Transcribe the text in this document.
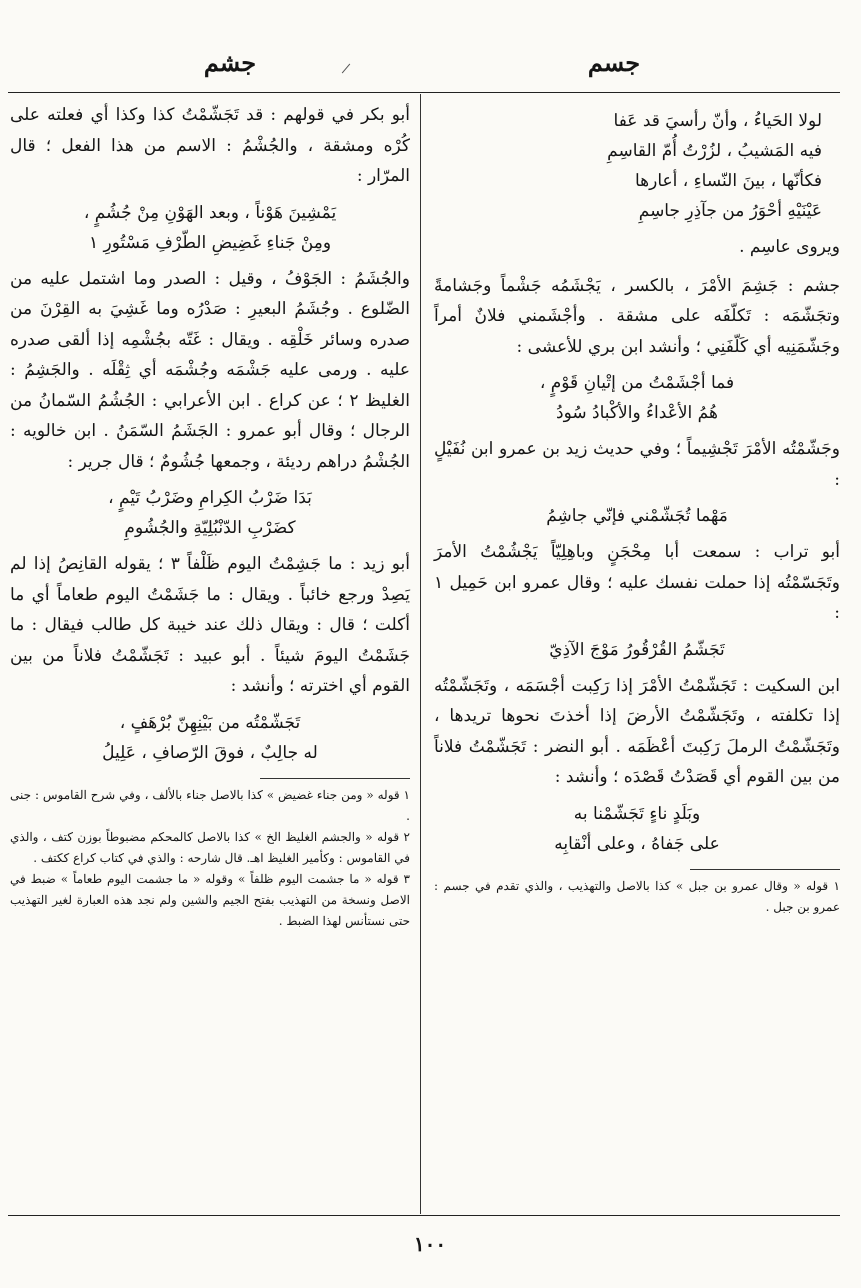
جسم
جشم
لولا الحَياءُ ، وأنّ رأسيَ قد عَفا
فيه المَشيبُ ، لزُرْتُ أُمّ القاسِمِ
فكأنّها ، بينَ النّساءِ ، أعارها
عَيْنَيْهِ أحْوَرُ من جآذِرِ جاسِمِ

ويروى عاسِم .

جشم : جَشِمَ الأمْرَ ، بالكسر ، يَجْشَمُه جَشْماً وجَشامةً وتجَشّمَه : تَكلّفَه على مشقة . وأجْشَمني فلانٌ أمراً وجَشّمَنِيه أي كَلّفَنِي ؛ وأنشد ابن بري للأعشى :

فما أجْشَمْتُ من إتْيانِ قَوْمٍ ،
هُمُ الأعْداءُ والأكْبادُ سُودُ

وجَشّمْتُه الأمْرَ تَجْشِيماً ؛ وفي حديث زيد بن عمرو ابن نُفَيْلٍ :

مَهْما تُجَشّمْني فإنّي جاشِمُ

أبو تراب : سمعت أبا مِحْجَنٍ وباهِلِيّاً يَجْشُمْتُ الأمرَ وتَجَسّمْتُه إذا حملت نفسك عليه ؛ وقال عمرو ابن حَمِيل ١ :

تَجَشّمُ القُرْقُورُ مَوْجَ الآذِيّ

ابن السكيت : تَجَشّمْتُ الأمْرَ إذا رَكِبت أجْسَمَه ، وتَجَشّمْتُه إذا تكلفته ، وتَجَشّمْتُ الأرضَ إذا أخذتَ نحوها تريدها ، وتَجَشّمْتُ الرملَ رَكِبتَ أعْظَمَه . أبو النضر : تَجَشّمْتُ فلاناً من بين القوم أي قَصَدْتُ قَصْدَه ؛ وأنشد :

وبَلَدٍ ناءٍ تَجَشّمْنا به
على جَفاهُ ، وعلى أنْقابِه

١ قوله « وقال عمرو بن جبل » كذا بالاصل والتهذيب ، والذي تقدم في جسم : عمرو بن جبل .

أبو بكر في قولهم : قد تَجَشّمْتُ كذا وكذا أي فعلته على كُرْه ومشقة ، والجُشْمُ : الاسم من هذا الفعل ؛ قال المرّار :

يَمْشِينَ هَوْناً ، وبعد الهَوْنِ مِنْ جُشُمٍ ،
ومِنْ جَناءِ غَضِيضِ الطّرْفِ مَسْتُورِ ١

والجُشَمُ : الجَوْفُ ، وقيل : الصدر وما اشتمل عليه من الضّلوع . وجُشَمُ البعيرِ : صَدْرُه وما غَشِيَ به القِرْنَ من صدره وسائر خَلْقِه . ويقال : غَتّه بجُشْمِه إذا ألقى صدره عليه . ورمى عليه جَشْمَه وجُشْمَه أي ثِقْلَه . والجَشِمُ : الغليظ ٢ ؛ عن كراع . ابن الأعرابي : الجُشُمُ السّمانُ من الرجال ؛ وقال أبو عمرو : الجَشَمُ السّمَنُ . ابن خالويه : الجُشْمُ دراهم رديئة ، وجمعها جُشُومٌ ؛ قال جرير :

بَدَا ضَرْبُ الكِرامِ وضَرْبُ تَيْمٍ ،
كضَرْبِ الدّنْبُلِيّةِ والجُشُومِ

أبو زيد : ما جَشِمْتُ اليوم ظَلْفاً ٣ ؛ يقوله القانِصُ إذا لم يَصِدْ ورجع خائباً . ويقال : ما جَشَمْتُ اليوم طعاماً أي ما أكلت ؛ قال : ويقال ذلك عند خيبة كل طالب فيقال : ما جَشَمْتُ اليومَ شيئاً . أبو عبيد : تَجَشّمْتُ فلاناً من بين القوم أي اخترته ؛ وأنشد :

تَجَشّمْتُه من بَيْنِهِنّ بُرْهَفٍ ،
له جالِبٌ ، فوقَ الرّصافِ ، عَلِيلُ

١ قوله « ومن جناء غضيض » كذا بالاصل جناء بالألف ، وفي شرح القاموس : جنى .

٢ قوله « والجشم الغليظ الخ » كذا بالاصل كالمحكم مضبوطاً بوزن كتف ، والذي في القاموس : وكأمير الغليظ اهـ. قال شارحه : والذي في كتاب كراع ككتف .

٣ قوله « ما جشمت اليوم ظلفاً » وقوله « ما جشمت اليوم طعاماً » ضبط في الاصل ونسخة من التهذيب بفتح الجيم والشين ولم نجد هذه العبارة لغير التهذيب حتى نستأنس لهذا الضبط .

١٠٠
